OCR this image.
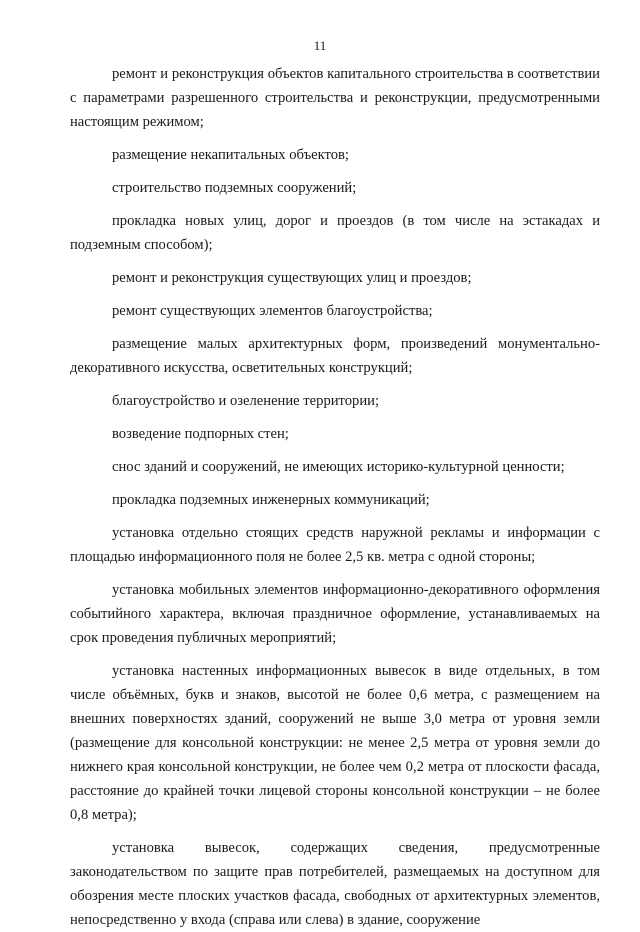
11

ремонт и реконструкция объектов капитального строительства в соответствии с параметрами разрешенного строительства и реконструкции, предусмотренными настоящим режимом;

размещение некапитальных объектов;

строительство подземных сооружений;

прокладка новых улиц, дорог и проездов (в том числе на эстакадах и подземным способом);

ремонт и реконструкция существующих улиц и проездов;

ремонт существующих элементов благоустройства;

размещение малых архитектурных форм, произведений монументально-декоративного искусства, осветительных конструкций;

благоустройство и озеленение территории;

возведение подпорных стен;

снос зданий и сооружений, не имеющих историко-культурной ценности;

прокладка подземных инженерных коммуникаций;

установка отдельно стоящих средств наружной рекламы и информации с площадью информационного поля не более 2,5 кв. метра с одной стороны;

установка мобильных элементов информационно-декоративного оформления событийного характера, включая праздничное оформление, устанавливаемых на срок проведения публичных мероприятий;

установка настенных информационных вывесок в виде отдельных, в том числе объёмных, букв и знаков, высотой не более 0,6 метра, с размещением на внешних поверхностях зданий, сооружений не выше 3,0 метра от уровня земли (размещение для консольной конструкции: не менее 2,5 метра от уровня земли до нижнего края консольной конструкции, не более чем 0,2 метра от плоскости фасада, расстояние до крайней точки лицевой стороны консольной конструкции – не более 0,8 метра);

установка вывесок, содержащих сведения, предусмотренные законодательством по защите прав потребителей, размещаемых на доступном для обозрения месте плоских участков фасада, свободных от архитектурных элементов, непосредственно у входа (справа или слева) в здание, сооружение
